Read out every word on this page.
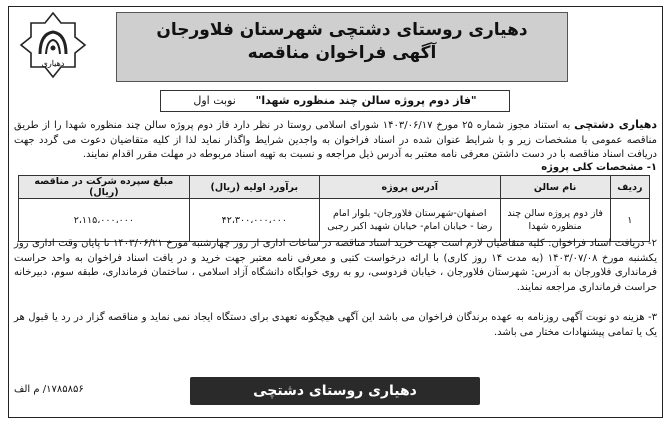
دهیاری
دهیاری روستای دشتچی شهرستان فلاورجان
آگهی فراخوان مناقصه
"فاز دوم پروژه سالن چند منظوره شهدا" نوبت اول
دهیاری دشتچی به استناد مجوز شماره ۲۵ مورخ ۱۴۰۳/۰۶/۱۷ شورای اسلامی روستا در نظر دارد فاز دوم پروژه سالن چند منظوره شهدا را از طریق مناقصه عمومی با مشخصات زیر و با شرایط عنوان شده در اسناد فراخوان به واجدین شرایط واگذار نماید لذا از کلیه متقاضیان دعوت می گردد جهت دریافت اسناد مناقصه با در دست داشتن معرفی نامه معتبر به آدرس ذیل مراجعه و نسبت به تهیه اسناد مربوطه در مهلت مقرر اقدام نمایند.
۱- مشخصات کلی پروژه
ردیف	نام سالن	آدرس پروژه	برآورد اولیه (ریال)	مبلغ سپرده شرکت در مناقصه (ریال)
۱	فاز دوم پروژه سالن چند منظوره شهدا	اصفهان-شهرستان فلاورجان- بلوار امام رضا - خیابان امام- خیابان شهید اکبر رجبی	۴۲،۳۰۰،۰۰۰،۰۰۰	۲،۱۱۵،۰۰۰،۰۰۰
۲- دریافت اسناد فراخوان: کلیه متقاضیان لازم است جهت خرید اسناد مناقصه در ساعات اداری از روز چهارشنبه مورخ ۱۴۰۳/۰۶/۲۱ تا پایان وقت اداری روز یکشنبه مورخ ۱۴۰۳/۰۷/۰۸ (به مدت ۱۴ روز کاری) با ارائه درخواست کتبی و معرفی نامه معتبر جهت خرید و در یافت اسناد فراخوان به واحد حراست فرمانداری فلاورجان به آدرس: شهرستان فلاورجان ، خیابان فردوسی، رو به روی خوابگاه دانشگاه آزاد اسلامی ، ساختمان فرمانداری، طبقه سوم، دبیرخانه حراست فرمانداری مراجعه نمایند.
۳- هزینه دو نوبت آگهی روزنامه به عهده برندگان فراخوان می باشد این آگهی هیچگونه تعهدی برای دستگاه ایجاد نمی نماید و مناقصه گزار در رد یا قبول هر یک یا تمامی پیشنهادات مختار می باشد.
۱۷۸۵۸۵۶/ م الف	دهیاری روستای دشتچی
